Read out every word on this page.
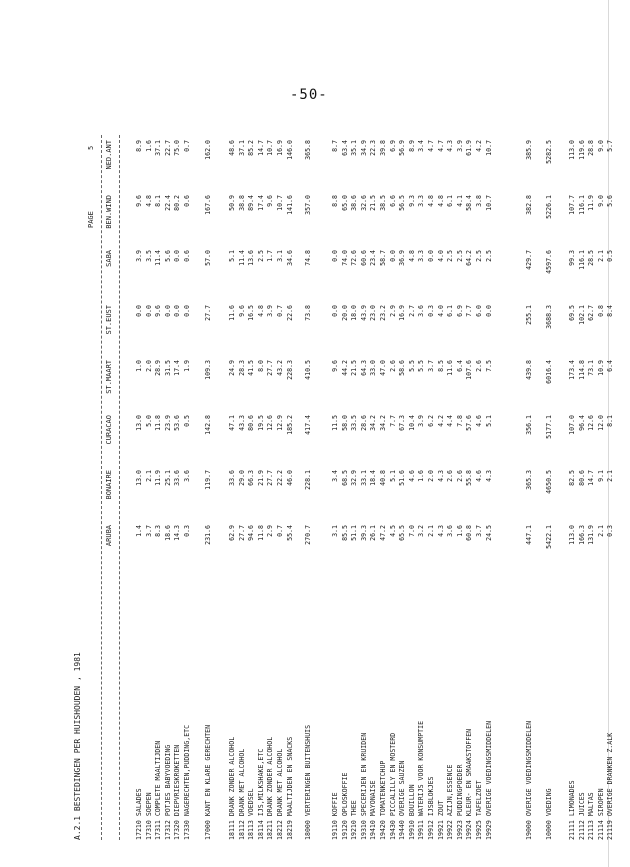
-50-
A.2.1 BESTEDINGEN PER HUISHOUDEN , 1981
PAGE
5
ARUBA
BONAIRE
CURACAO
ST.MAART
ST.EUST
SABA
BEN.WIND
NED.ANT
17210 SALADES
1.4
13.0
13.0
1.0
0.0
3.9
9.6
8.9
17310 SOEPEN
3.7
2.1
5.0
2.0
0.0
3.5
4.8
1.6
17311 COMPLETE MAALTIJDEN
8.3
11.9
11.8
28.9
9.6
11.4
8.1
37.1
17312 POTJES BABYVOEDING
18.6
25.1
23.9
31.5
0.0
5.6
22.4
22.7
17320 DIEPVRIESKROKETTEN
14.3
33.6
53.6
17.4
0.0
0.0
80.2
75.0
17330 NAGERECHTEN,PUDDING,ETC
0.3
3.6
0.5
1.9
0.0
0.6
0.6
0.7
17000 KANT EN KLARE GERECHTEN
231.6
119.7
142.8
109.3
27.7
57.0
167.6
162.0
18111 DRANK ZONDER ALCOHOL
62.9
33.6
47.1
24.9
11.6
5.1
50.9
48.6
18112 DRANK MET ALCOHOL
27.7
29.0
43.3
28.3
9.6
11.4
38.8
37.1
18113 VOEDSEL
94.6
66.3
80.6
41.5
16.5
13.6
89.4
85.2
18114 IJS,MILKSHAKE,ETC
11.8
21.9
19.5
8.0
4.8
2.5
17.4
14.7
18211 DRANK ZONDER ALCOHOL
2.9
27.7
12.6
27.7
3.9
1.7
9.6
10.7
18212 DRANK MET ALCOHOL
0.7
22.2
12.9
43.2
0.7
3.1
10.7
16.9
18219 MAALTIJDEN EN SNACKS
55.4
46.0
185.2
228.3
22.6
34.6
141.6
146.0
18000 VERTERINGEN BUITENSHUIS
270.7
228.1
417.4
410.5
73.8
74.8
357.0
365.8
19110 KOFFIE
3.1
3.4
11.5
9.6
0.0
0.0
8.8
8.7
19120 OPLOSKOFFIE
85.5
68.5
58.0
44.2
20.0
74.0
65.0
63.4
19210 THEE
51.1
32.9
33.5
21.5
18.0
72.6
38.6
35.1
19310 SPECERIJEN EN KRUIDEN
39.3
33.1
28.6
64.3
43.9
60.6
32.6
34.9
19410 MAYONAISE
26.1
18.4
34.2
33.0
23.0
23.4
21.5
22.3
19420 TOMATENKETCHUP
47.2
40.8
34.2
47.0
23.2
58.7
38.5
39.8
19430 PICCALILLY EN MOSTERD
4.5
5.1
7.7
2.6
2.9
0.0
6.6
6.9
19440 OVERIGE SAUZEN
65.5
51.6
67.3
58.6
16.9
36.9
56.5
56.9
19910 BOUILLON
7.0
4.6
10.4
5.5
2.7
4.8
9.3
8.9
19911 WATERIJS VOOR KONSUMPTIE
3.2
1.6
3.9
5.5
3.6
3.3
3.3
3.4
19912 IJSBLOKJES
2.1
2.0
6.2
3.7
0.3
0.0
4.8
4.7
19921 ZOUT
4.3
4.3
4.2
8.5
4.0
4.0
4.8
4.7
19922 AZIJN,ESSENCE
3.6
2.6
4.4
11.6
6.1
2.5
6.1
4.3
19923 PUDDINGPOEDER
1.6
2.6
7.8
6.4
6.9
2.5
4.1
3.9
19924 KLEUR- EN SMAAKSTOFFEN
60.8
55.8
57.6
107.6
7.7
64.2
58.4
61.9
19925 TAFELZOET
3.7
4.6
4.6
2.6
6.0
2.5
3.8
4.2
19929 OVERIGE VOEDINGSMIDDELEN
24.5
4.3
5.1
7.5
0.0
2.5
10.7
10.7
19000 OVERIGE VOEDINGSMIDDELEN
447.1
365.3
356.1
439.8
255.1
429.7
382.8
385.9
10000 VOEDING
5422.1
4650.5
5177.1
6016.4
3688.3
4597.6
5226.1
5282.5
21111 LIMONADES
113.0
82.5
107.0
173.4
69.5
99.3
107.7
113.0
21112 JUICES
166.3
80.6
96.4
114.8
102.1
116.1
116.1
119.6
21113 MALTAS
131.9
14.7
12.6
73.1
62.7
28.5
11.9
28.8
21114 SIROPEN
2.1
9.1
12.0
10.9
0.8
2.1
9.0
9.0
21119 OVERIGE DRANKEN Z.ALK
0.3
2.1
8.1
6.4
8.4
0.5
5.6
5.7
